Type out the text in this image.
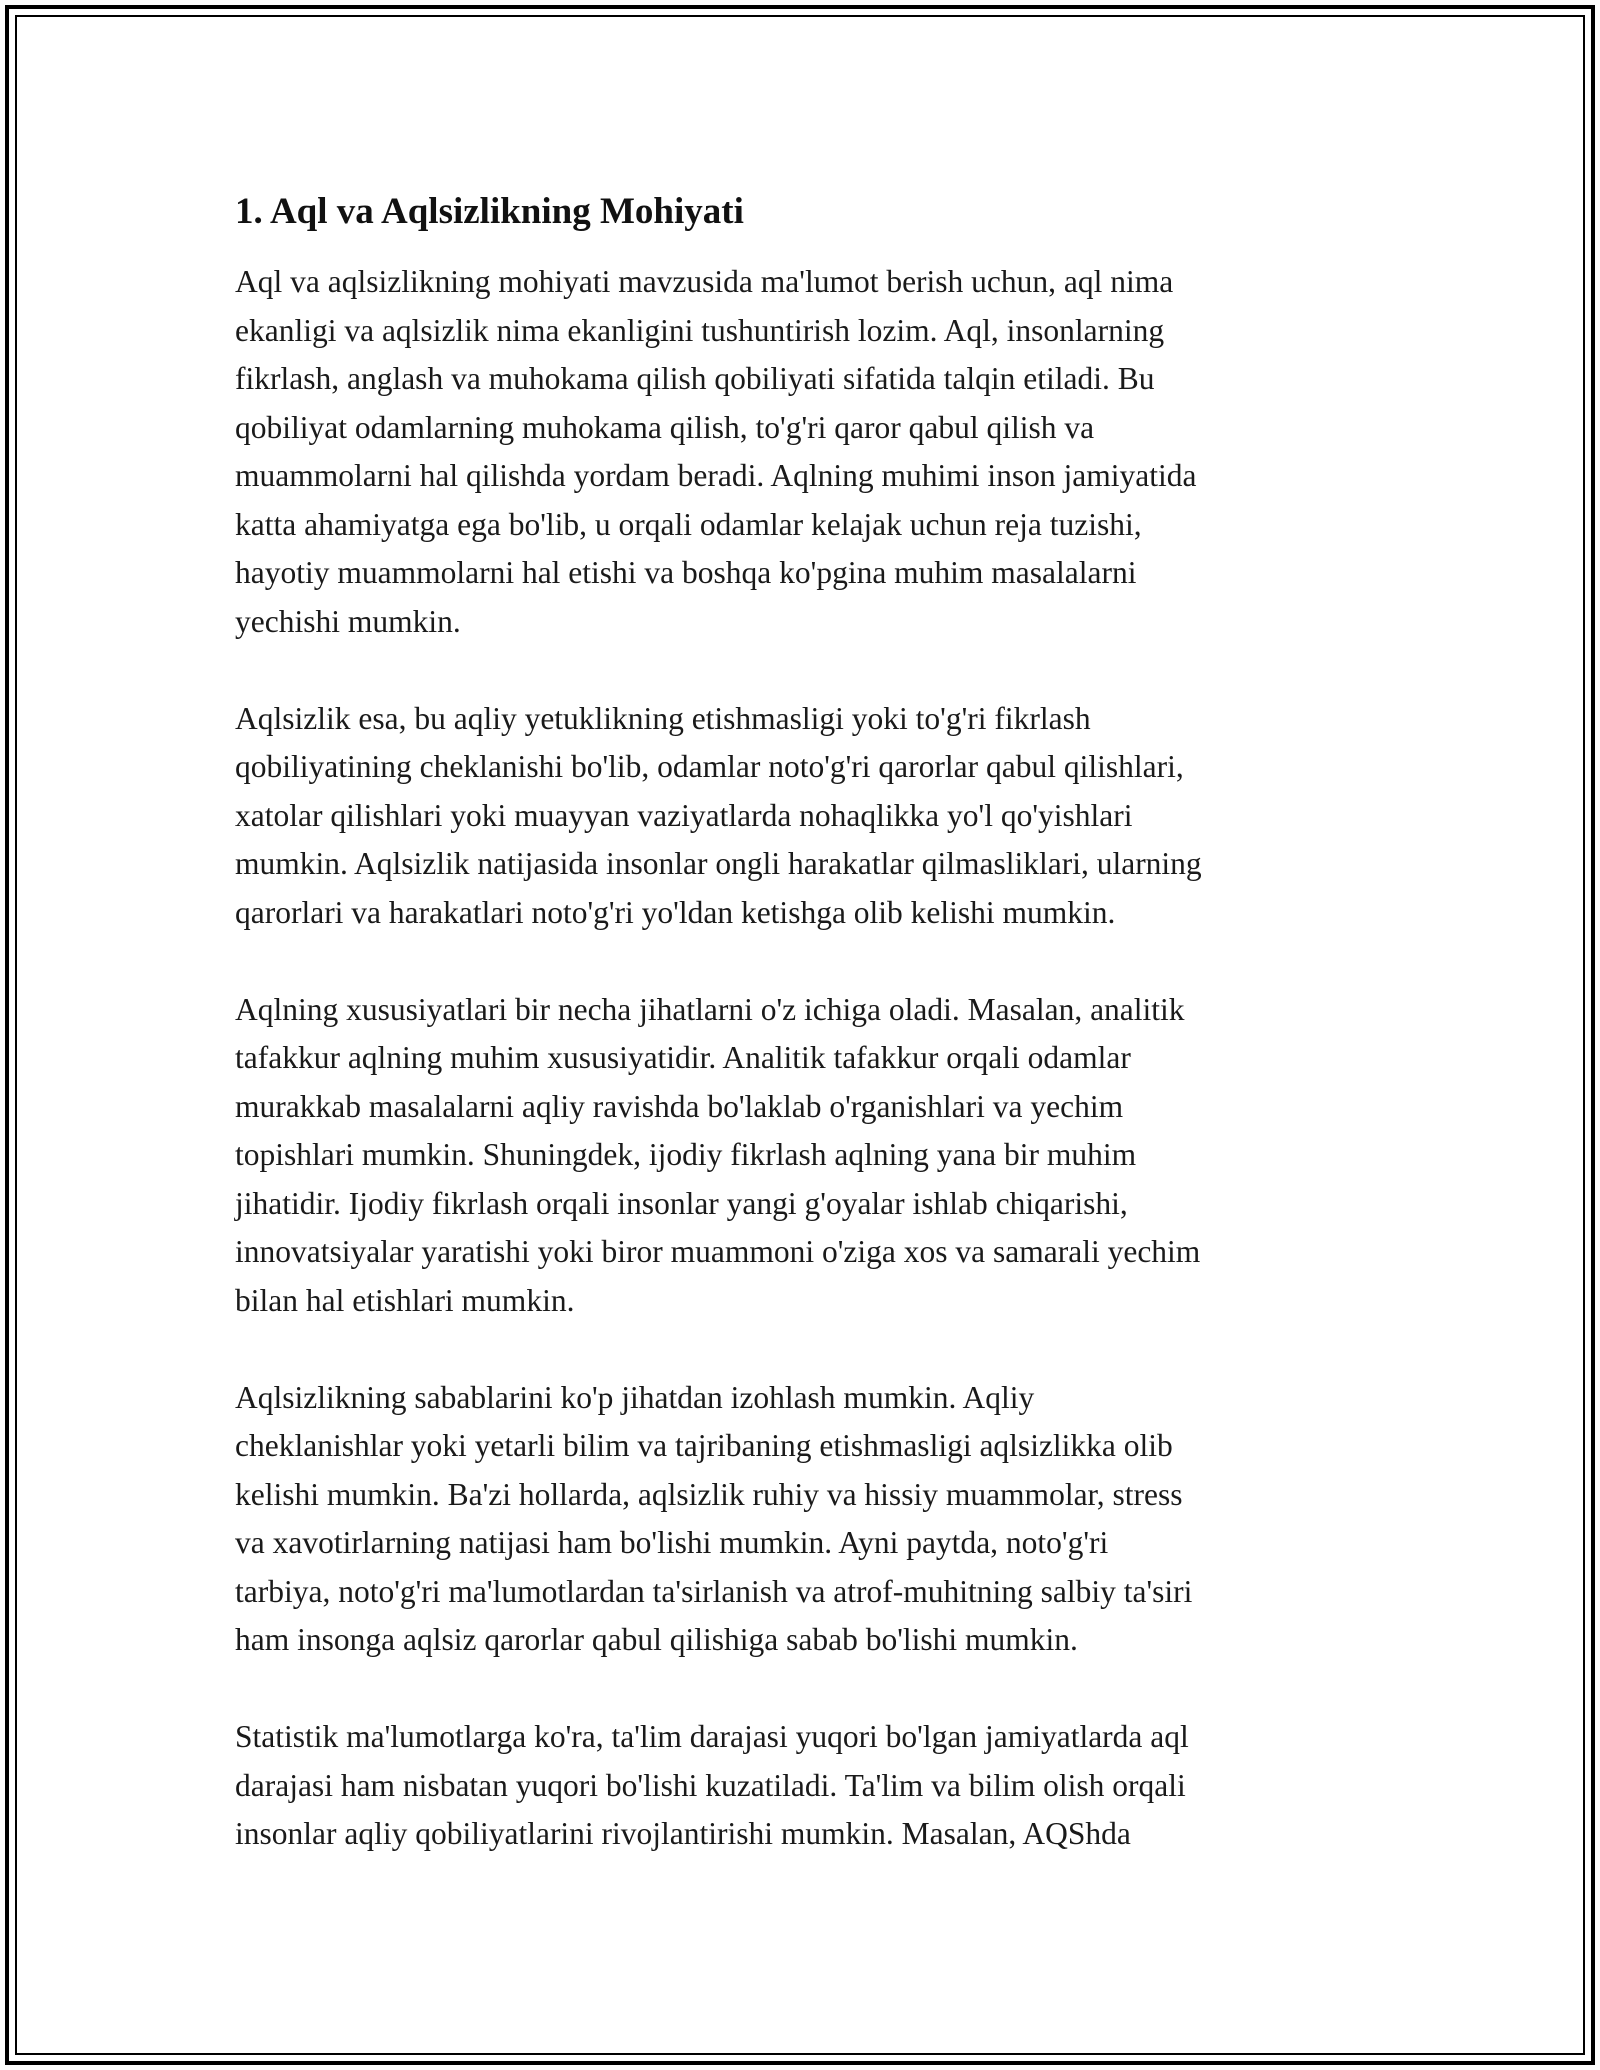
1. Aql va Aqlsizlikning Mohiyati

Aql va aqlsizlikning mohiyati mavzusida ma'lumot berish uchun, aql nima
ekanligi va aqlsizlik nima ekanligini tushuntirish lozim. Aql, insonlarning
fikrlash, anglash va muhokama qilish qobiliyati sifatida talqin etiladi. Bu
qobiliyat odamlarning muhokama qilish, to'g'ri qaror qabul qilish va
muammolarni hal qilishda yordam beradi. Aqlning muhimi inson jamiyatida
katta ahamiyatga ega bo'lib, u orqali odamlar kelajak uchun reja tuzishi,
hayotiy muammolarni hal etishi va boshqa ko'pgina muhim masalalarni
yechishi mumkin.

Aqlsizlik esa, bu aqliy yetuklikning etishmasligi yoki to'g'ri fikrlash
qobiliyatining cheklanishi bo'lib, odamlar noto'g'ri qarorlar qabul qilishlari,
xatolar qilishlari yoki muayyan vaziyatlarda nohaqlikka yo'l qo'yishlari
mumkin. Aqlsizlik natijasida insonlar ongli harakatlar qilmasliklari, ularning
qarorlari va harakatlari noto'g'ri yo'ldan ketishga olib kelishi mumkin.

Aqlning xususiyatlari bir necha jihatlarni o'z ichiga oladi. Masalan, analitik
tafakkur aqlning muhim xususiyatidir. Analitik tafakkur orqali odamlar
murakkab masalalarni aqliy ravishda bo'laklab o'rganishlari va yechim
topishlari mumkin. Shuningdek, ijodiy fikrlash aqlning yana bir muhim
jihatidir. Ijodiy fikrlash orqali insonlar yangi g'oyalar ishlab chiqarishi,
innovatsiyalar yaratishi yoki biror muammoni o'ziga xos va samarali yechim
bilan hal etishlari mumkin.

Aqlsizlikning sabablarini ko'p jihatdan izohlash mumkin. Aqliy
cheklanishlar yoki yetarli bilim va tajribaning etishmasligi aqlsizlikka olib
kelishi mumkin. Ba'zi hollarda, aqlsizlik ruhiy va hissiy muammolar, stress
va xavotirlarning natijasi ham bo'lishi mumkin. Ayni paytda, noto'g'ri
tarbiya, noto'g'ri ma'lumotlardan ta'sirlanish va atrof-muhitning salbiy ta'siri
ham insonga aqlsiz qarorlar qabul qilishiga sabab bo'lishi mumkin.

Statistik ma'lumotlarga ko'ra, ta'lim darajasi yuqori bo'lgan jamiyatlarda aql
darajasi ham nisbatan yuqori bo'lishi kuzatiladi. Ta'lim va bilim olish orqali
insonlar aqliy qobiliyatlarini rivojlantirishi mumkin. Masalan, AQShda
